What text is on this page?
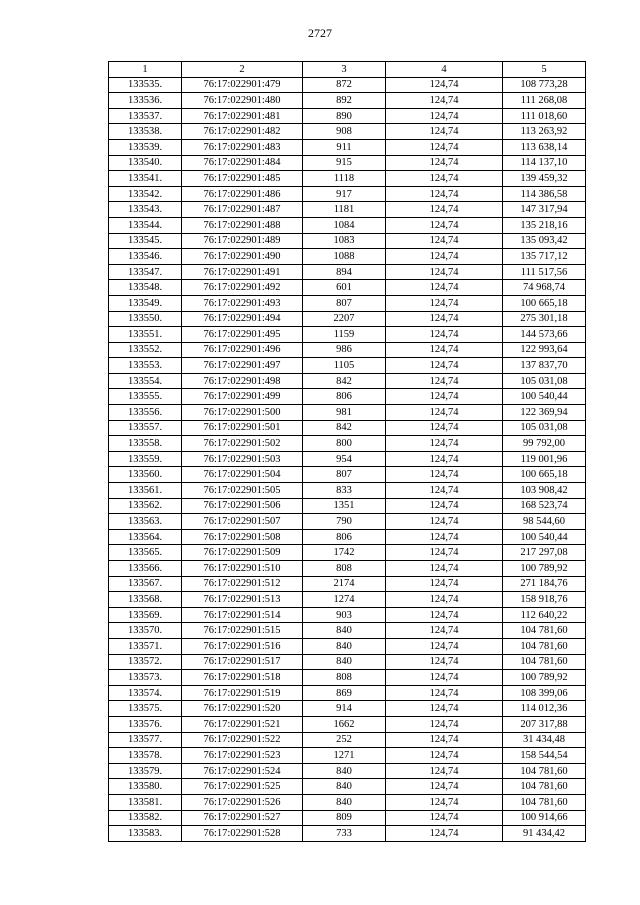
2727
1	2	3	4	5
133535.	76:17:022901:479	872	124,74	108 773,28
133536.	76:17:022901:480	892	124,74	111 268,08
133537.	76:17:022901:481	890	124,74	111 018,60
133538.	76:17:022901:482	908	124,74	113 263,92
133539.	76:17:022901:483	911	124,74	113 638,14
133540.	76:17:022901:484	915	124,74	114 137,10
133541.	76:17:022901:485	1118	124,74	139 459,32
133542.	76:17:022901:486	917	124,74	114 386,58
133543.	76:17:022901:487	1181	124,74	147 317,94
133544.	76:17:022901:488	1084	124,74	135 218,16
133545.	76:17:022901:489	1083	124,74	135 093,42
133546.	76:17:022901:490	1088	124,74	135 717,12
133547.	76:17:022901:491	894	124,74	111 517,56
133548.	76:17:022901:492	601	124,74	74 968,74
133549.	76:17:022901:493	807	124,74	100 665,18
133550.	76:17:022901:494	2207	124,74	275 301,18
133551.	76:17:022901:495	1159	124,74	144 573,66
133552.	76:17:022901:496	986	124,74	122 993,64
133553.	76:17:022901:497	1105	124,74	137 837,70
133554.	76:17:022901:498	842	124,74	105 031,08
133555.	76:17:022901:499	806	124,74	100 540,44
133556.	76:17:022901:500	981	124,74	122 369,94
133557.	76:17:022901:501	842	124,74	105 031,08
133558.	76:17:022901:502	800	124,74	99 792,00
133559.	76:17:022901:503	954	124,74	119 001,96
133560.	76:17:022901:504	807	124,74	100 665,18
133561.	76:17:022901:505	833	124,74	103 908,42
133562.	76:17:022901:506	1351	124,74	168 523,74
133563.	76:17:022901:507	790	124,74	98 544,60
133564.	76:17:022901:508	806	124,74	100 540,44
133565.	76:17:022901:509	1742	124,74	217 297,08
133566.	76:17:022901:510	808	124,74	100 789,92
133567.	76:17:022901:512	2174	124,74	271 184,76
133568.	76:17:022901:513	1274	124,74	158 918,76
133569.	76:17:022901:514	903	124,74	112 640,22
133570.	76:17:022901:515	840	124,74	104 781,60
133571.	76:17:022901:516	840	124,74	104 781,60
133572.	76:17:022901:517	840	124,74	104 781,60
133573.	76:17:022901:518	808	124,74	100 789,92
133574.	76:17:022901:519	869	124,74	108 399,06
133575.	76:17:022901:520	914	124,74	114 012,36
133576.	76:17:022901:521	1662	124,74	207 317,88
133577.	76:17:022901:522	252	124,74	31 434,48
133578.	76:17:022901:523	1271	124,74	158 544,54
133579.	76:17:022901:524	840	124,74	104 781,60
133580.	76:17:022901:525	840	124,74	104 781,60
133581.	76:17:022901:526	840	124,74	104 781,60
133582.	76:17:022901:527	809	124,74	100 914,66
133583.	76:17:022901:528	733	124,74	91 434,42
